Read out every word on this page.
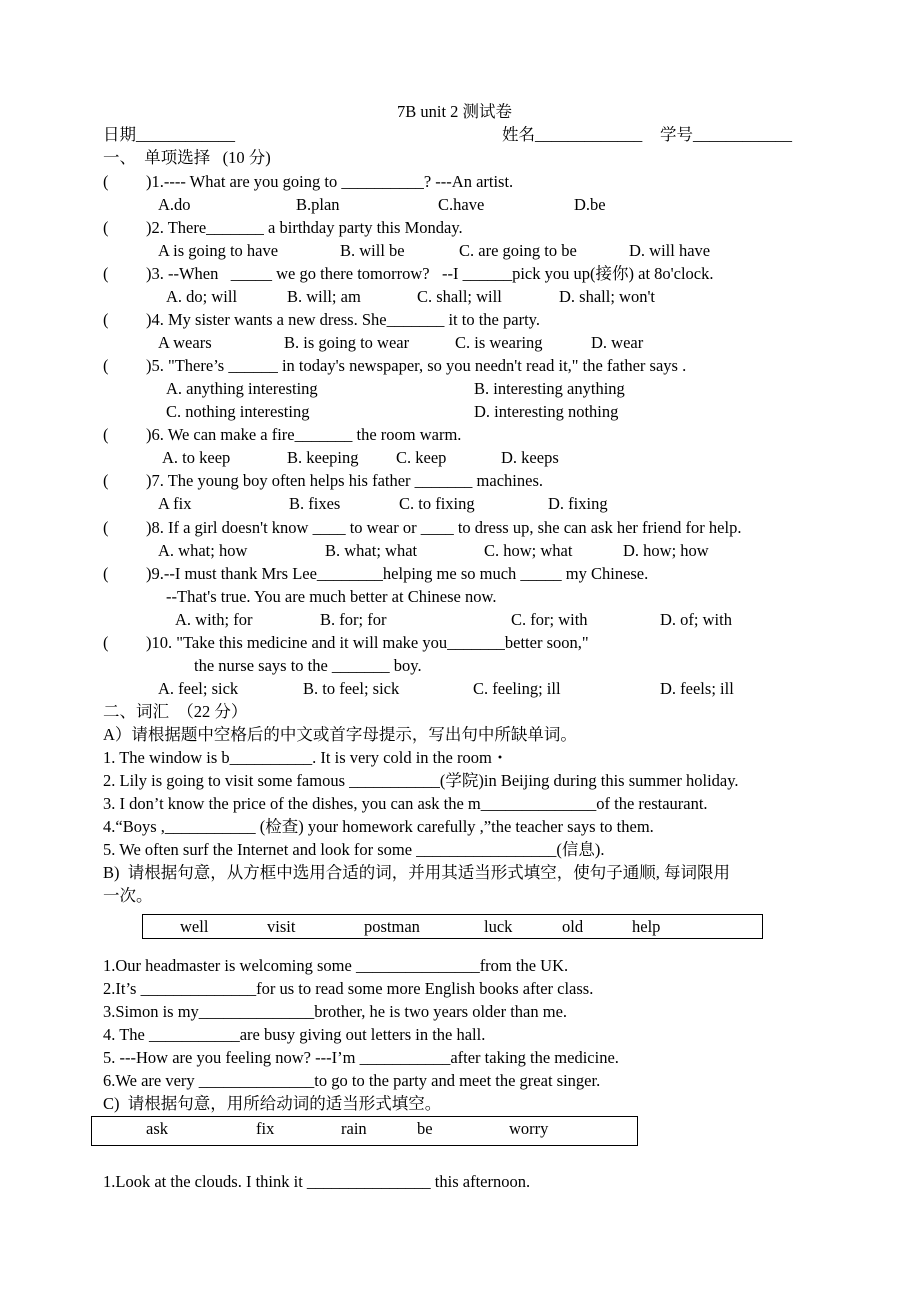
7B unit 2 测试卷
日期____________	姓名_____________ 学号____________
一、  单项选择   (10 分)
( )1.---- What are you going to __________? ---An artist.
A.do	B.plan	C.have	D.be
( )2. There_______ a birthday party this Monday.
A is going to have	B. will be	C. are going to be	D. will have
( )3. --When   _____ we go there tomorrow?   --I ______pick you up(接你) at 8o'clock.
A. do; will	B. will; am	C. shall; will	D. shall; won't
( )4. My sister wants a new dress. She_______ it to the party.
A wears	B. is going to wear	C. is wearing	D. wear
( )5. "There’s ______ in today's newspaper, so you needn't read it," the father says .
A. anything interesting	B. interesting anything
C. nothing interesting	D. interesting nothing
( )6. We can make a fire_______ the room warm.
A. to keep	B. keeping C. keep	D. keeps
( )7. The young boy often helps his father _______ machines.
A fix	B. fixes	C. to fixing	D. fixing
( )8. If a girl doesn't know ____ to wear or ____ to dress up, she can ask her friend for help.
A. what; how	B. what; what	C. how; what	D. how; how
( )9.--I must thank Mrs Lee________helping me so much _____ my Chinese.
--That's true. You are much better at Chinese now.
A. with; for	B. for; for	C. for; with	D. of; with
( )10. "Take this medicine and it will make you_______better soon,"
the nurse says to the _______ boy.
A. feel; sick	B. to feel; sick	C. feeling; ill	D. feels; ill
二、词汇  （22 分）
A）请根据题中空格后的中文或首字母提示，写出句中所缺单词。
1. The window is b__________. It is very cold in the room・
2. Lily is going to visit some famous ___________(学院)in Beijing during this summer holiday.
3. I don’t know the price of the dishes, you can ask the m______________of the restaurant.
4.“Boys ,___________ (检查) your homework carefully ,”the teacher says to them.
5. We often surf the Internet and look for some _________________(信息).
B)  请根据句意，从方框中选用合适的词，并用其适当形式填空，使句子通顺, 每词限用
一次。
well	visit	postman	luck	old	help
1.Our headmaster is welcoming some _______________from the UK.
2.It’s ______________for us to read some more English books after class.
3.Simon is my______________brother, he is two years older than me.
4. The ___________are busy giving out letters in the hall.
5. ---How are you feeling now? ---I’m ___________after taking the medicine.
6.We are very ______________to go to the party and meet the great singer.
C)  请根据句意，用所给动词的适当形式填空。
ask	fix	rain	be	worry
1.Look at the clouds. I think it _______________ this afternoon.
